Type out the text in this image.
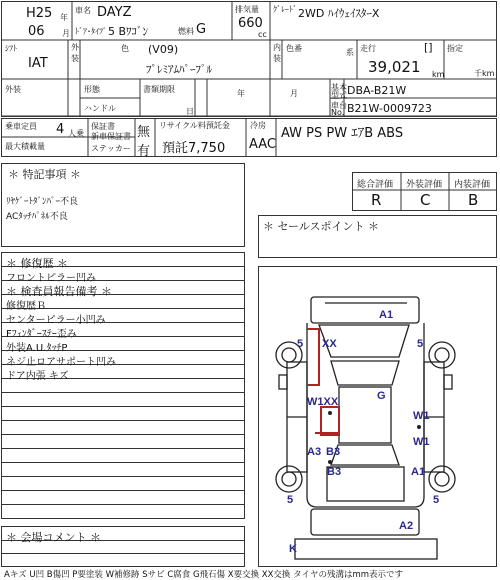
H25 年
06 月
車名 DAYZ
ﾄﾞｱ･ﾀｲﾌﾟ 5 Bﾜｺﾞﾝ	燃料 G
排気量
660
cc
ｸﾞﾚｰﾄﾞ 2WD ﾊｲｳｪｲｽﾀｰX
ｼﾌﾄ
IAT
外装
色 (V09)
ﾌﾟﾚﾐｱﾑﾊﾟｰﾌﾟﾙ
内装
色番	系 走行	[]
39,021 km
指定
千km
外装	形態
ハンドル
書類期限
日
年	月
基本
型式 DBA-B21W
車台
No. B21W-0009723
乗車定員 4 人乗
最大積載量
保証書
新車保証書
ステッカー
無
有
リサイクル料預託金
預託7,750
冷房
AAC
AW PS PW ｴｱB ABS
＊ 特記事項 ＊
ﾘﾔｹﾞｰﾄﾀﾞﾝﾊﾟｰ不良
ACﾀｯﾁﾊﾟﾈﾙ不良
総合評価 外装評価 内装評価
R	C	B
＊ セールスポイント ＊
＊ 修復歴 ＊
フロントピラー凹み
＊ 検査員報告備考 ＊
修復歴Ｂ
センターピラー小凹み
Fﾌｪﾝﾀﾞｰｽﾃｰ歪み
外装A.U.ﾀｯﾁP
ネジ止ロアサポート凹み
ドア内張 キズ
＊ 会場コメント ＊
A1
XX
5	5
W1XX	G
W1
W1
A3 B3
A1
B3
5	5
A2
K
Aキズ U凹 B傷凹 P要塗装 W補修跡 Sサビ C腐食 G飛石傷 X要交換 XX交換 タイヤの残溝はmm表示です
